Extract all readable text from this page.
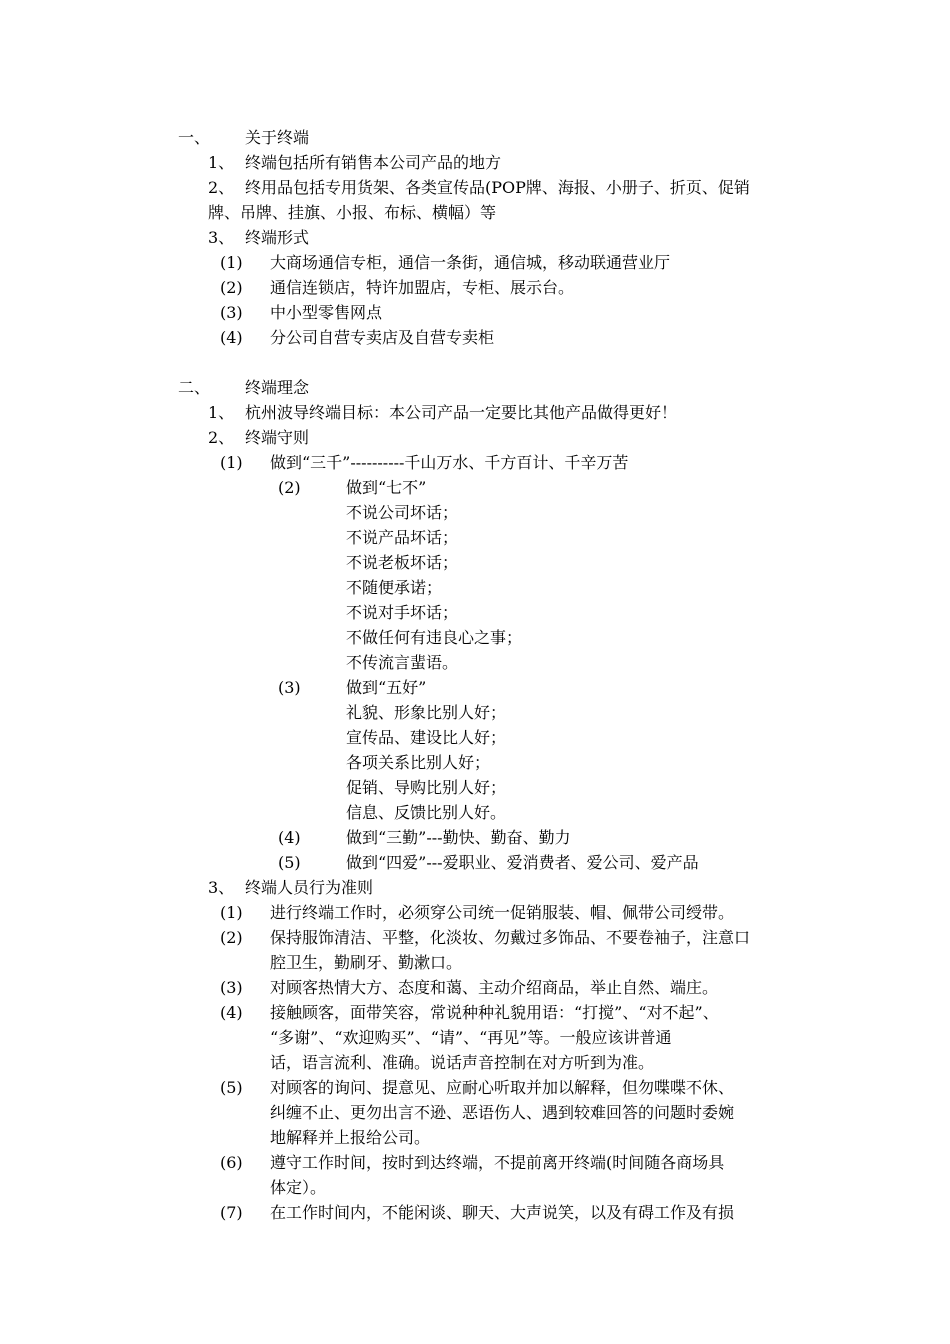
一、 关于终端
1、 终端包括所有销售本公司产品的地方
2、 终用品包括专用货架、各类宣传品(POP牌、海报、小册子、折页、促销
牌、吊牌、挂旗、小报、布标、横幅）等
3、 终端形式
(1) 大商场通信专柜，通信一条街，通信城，移动联通营业厅
(2) 通信连锁店，特许加盟店，专柜、展示台。
(3) 中小型零售网点
(4) 分公司自营专卖店及自营专卖柜
二、 终端理念
1、 杭州波导终端目标：本公司产品一定要比其他产品做得更好！
2、 终端守则
(1) 做到“三千”----------千山万水、千方百计、千辛万苦
(2)	做到“七不”
不说公司坏话；
不说产品坏话；
不说老板坏话；
不随便承诺；
不说对手坏话；
不做任何有违良心之事；
不传流言蜚语。
(3)	做到“五好”
礼貌、形象比别人好；
宣传品、建设比人好；
各项关系比别人好；
促销、导购比别人好；
信息、反馈比别人好。
(4)	做到“三勤”---勤快、勤奋、勤力
(5)	做到“四爱”---爱职业、爱消费者、爱公司、爱产品
3、 终端人员行为准则
(1) 进行终端工作时，必须穿公司统一促销服装、帽、佩带公司绶带。
(2) 保持服饰清洁、平整，化淡妆、勿戴过多饰品、不要卷袖子，注意口
腔卫生，勤刷牙、勤漱口。
(3) 对顾客热情大方、态度和蔼、主动介绍商品，举止自然、端庄。
(4) 接触顾客，面带笑容，常说种种礼貌用语：“打搅”、“对不起”、
“多谢”、“欢迎购买”、“请”、“再见”等。一般应该讲普通
话，语言流利、准确。说话声音控制在对方听到为准。
(5) 对顾客的询问、提意见、应耐心听取并加以解释，但勿喋喋不休、
纠缠不止、更勿出言不逊、恶语伤人、遇到较难回答的问题时委婉
地解释并上报给公司。
(6) 遵守工作时间，按时到达终端，不提前离开终端(时间随各商场具
体定）。
(7) 在工作时间内，不能闲谈、聊天、大声说笑，以及有碍工作及有损
